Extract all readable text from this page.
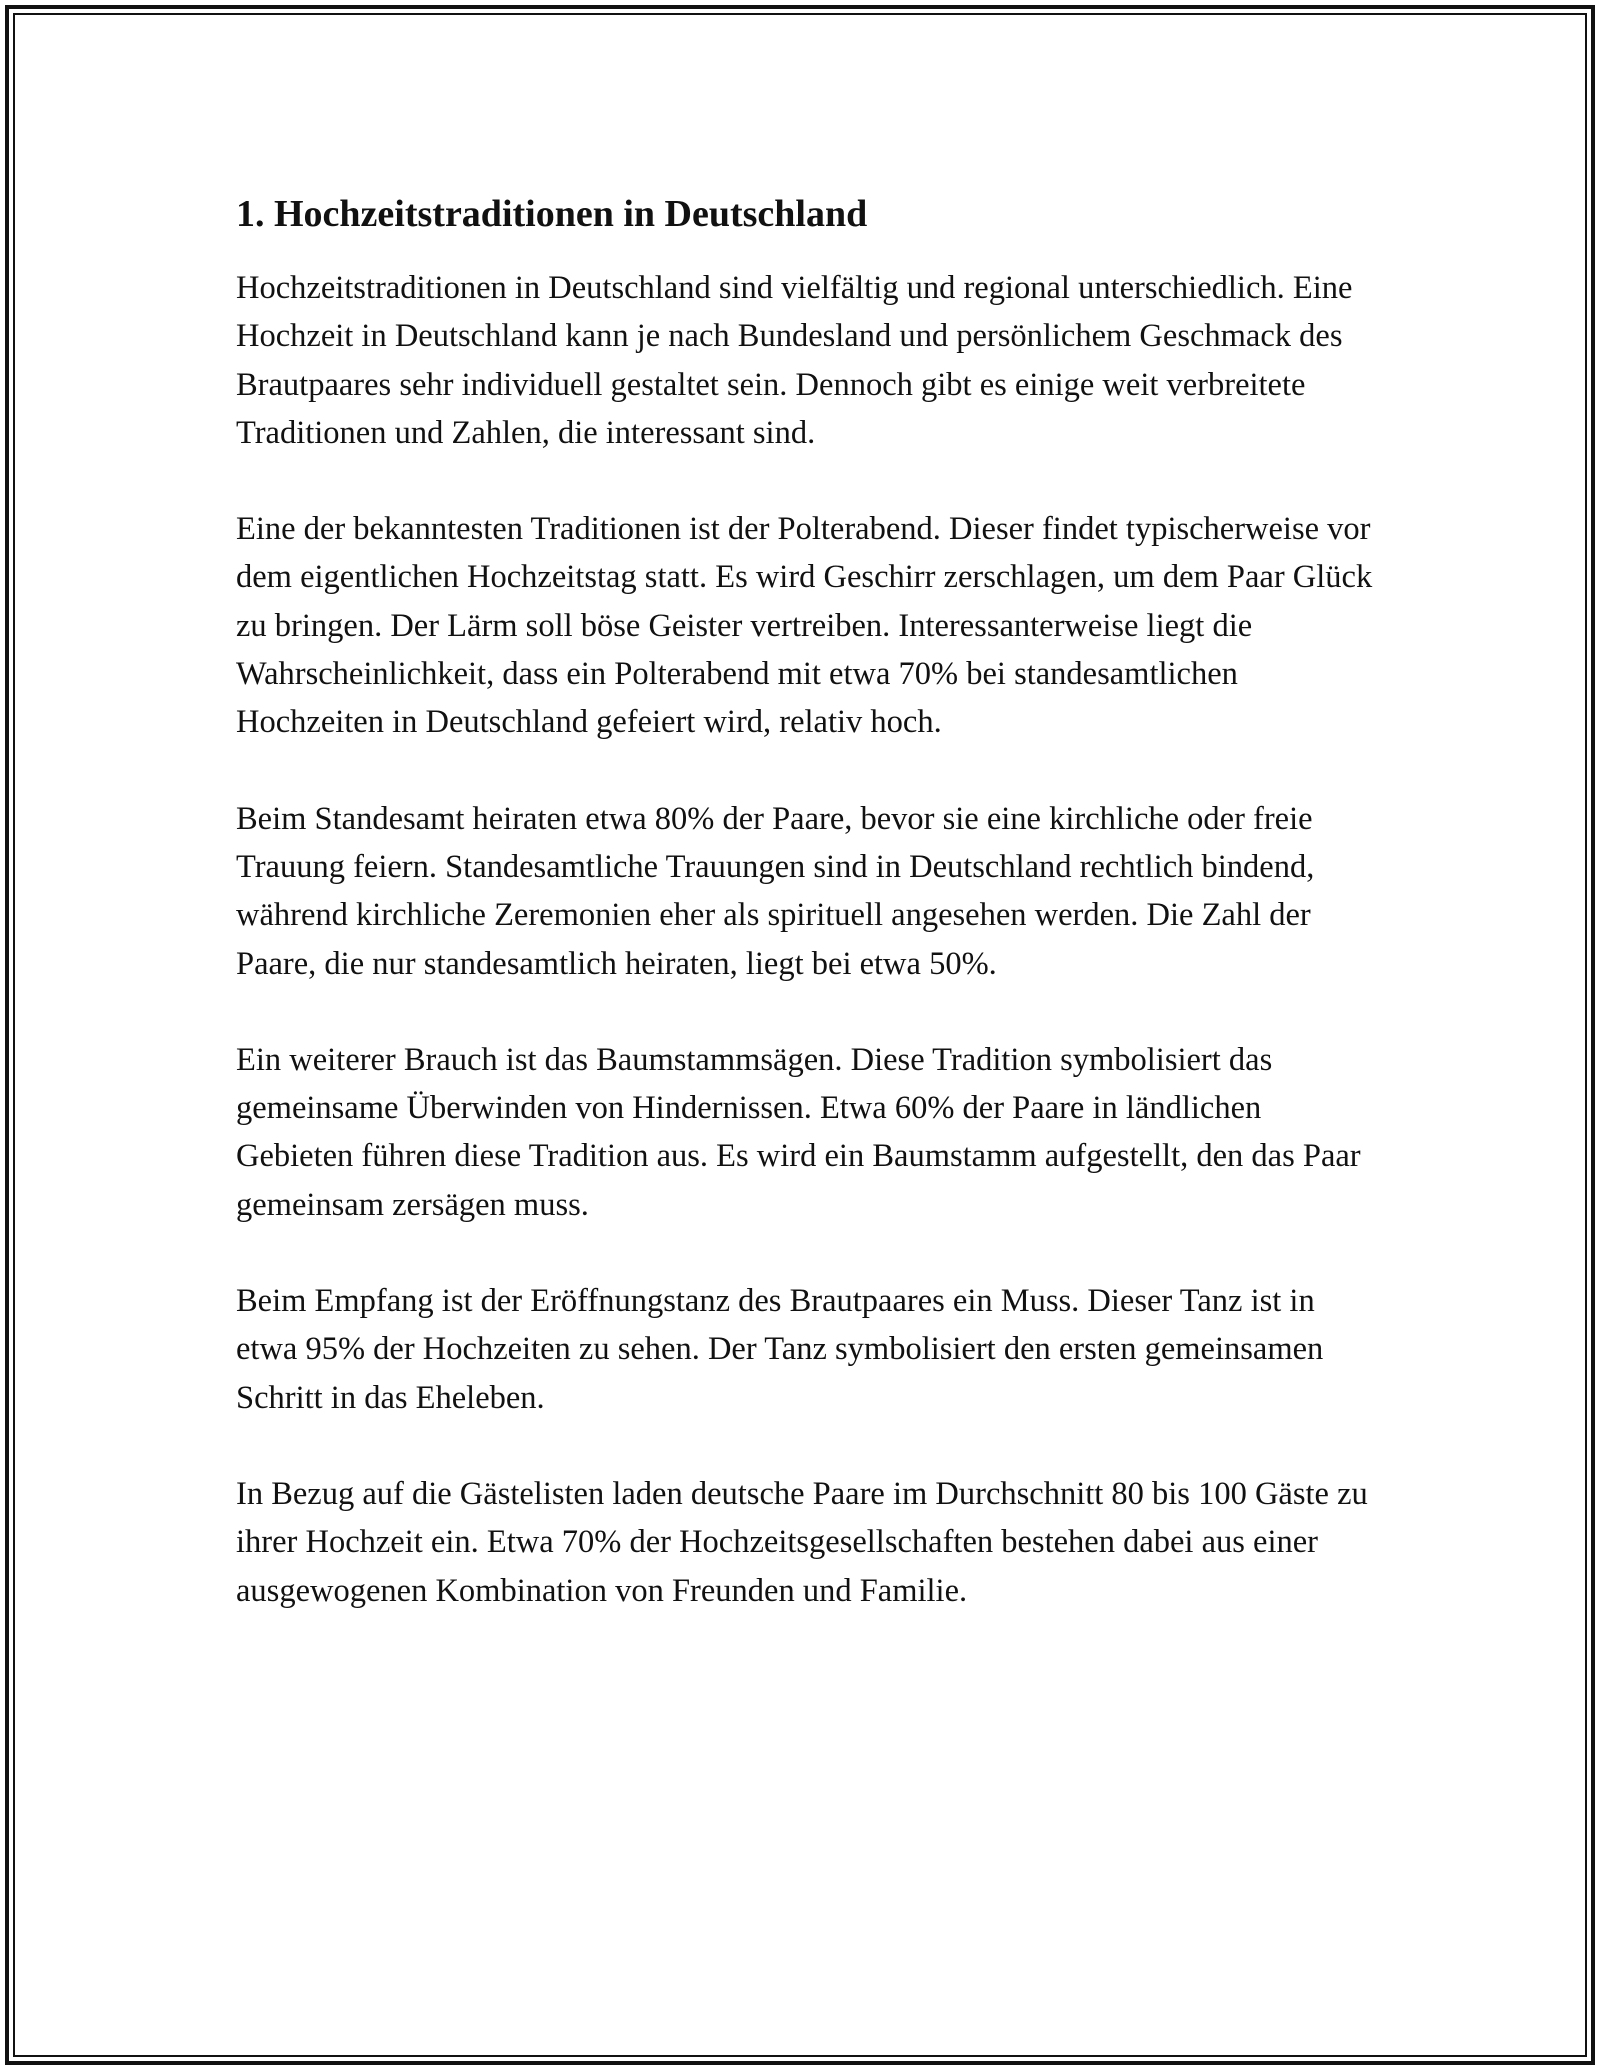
1. Hochzeitstraditionen in Deutschland

Hochzeitstraditionen in Deutschland sind vielfältig und regional unterschiedlich. Eine Hochzeit in Deutschland kann je nach Bundesland und persönlichem Geschmack des Brautpaares sehr individuell gestaltet sein. Dennoch gibt es einige weit verbreitete Traditionen und Zahlen, die interessant sind.

Eine der bekanntesten Traditionen ist der Polterabend. Dieser findet typischerweise vor dem eigentlichen Hochzeitstag statt. Es wird Geschirr zerschlagen, um dem Paar Glück zu bringen. Der Lärm soll böse Geister vertreiben. Interessanterweise liegt die Wahrscheinlichkeit, dass ein Polterabend mit etwa 70% bei standesamtlichen Hochzeiten in Deutschland gefeiert wird, relativ hoch.

Beim Standesamt heiraten etwa 80% der Paare, bevor sie eine kirchliche oder freie Trauung feiern. Standesamtliche Trauungen sind in Deutschland rechtlich bindend, während kirchliche Zeremonien eher als spirituell angesehen werden. Die Zahl der Paare, die nur standesamtlich heiraten, liegt bei etwa 50%.

Ein weiterer Brauch ist das Baumstammsägen. Diese Tradition symbolisiert das gemeinsame Überwinden von Hindernissen. Etwa 60% der Paare in ländlichen Gebieten führen diese Tradition aus. Es wird ein Baumstamm aufgestellt, den das Paar gemeinsam zersägen muss.

Beim Empfang ist der Eröffnungstanz des Brautpaares ein Muss. Dieser Tanz ist in etwa 95% der Hochzeiten zu sehen. Der Tanz symbolisiert den ersten gemeinsamen Schritt in das Eheleben.

In Bezug auf die Gästelisten laden deutsche Paare im Durchschnitt 80 bis 100 Gäste zu ihrer Hochzeit ein. Etwa 70% der Hochzeitsgesellschaften bestehen dabei aus einer ausgewogenen Kombination von Freunden und Familie.
